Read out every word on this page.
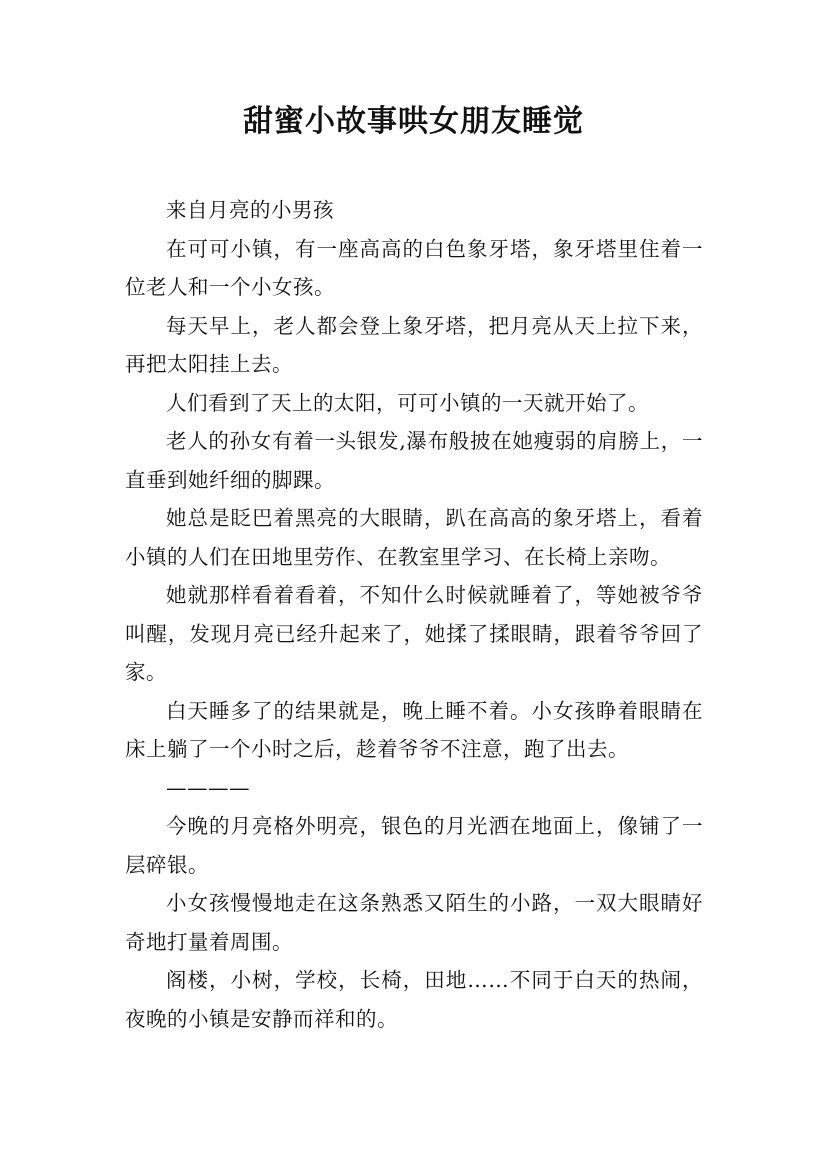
甜蜜小故事哄女朋友睡觉

来自月亮的小男孩

在可可小镇，有一座高高的白色象牙塔，象牙塔里住着一位老人和一个小女孩。

每天早上，老人都会登上象牙塔，把月亮从天上拉下来，再把太阳挂上去。

人们看到了天上的太阳，可可小镇的一天就开始了。

老人的孙女有着一头银发,瀑布般披在她瘦弱的肩膀上，一直垂到她纤细的脚踝。

她总是眨巴着黑亮的大眼睛，趴在高高的象牙塔上，看着小镇的人们在田地里劳作、在教室里学习、在长椅上亲吻。

她就那样看着看着，不知什么时候就睡着了，等她被爷爷叫醒，发现月亮已经升起来了，她揉了揉眼睛，跟着爷爷回了家。

白天睡多了的结果就是，晚上睡不着。小女孩睁着眼睛在床上躺了一个小时之后，趁着爷爷不注意，跑了出去。

————

今晚的月亮格外明亮，银色的月光洒在地面上，像铺了一层碎银。

小女孩慢慢地走在这条熟悉又陌生的小路，一双大眼睛好奇地打量着周围。

阁楼，小树，学校，长椅，田地……不同于白天的热闹，夜晚的小镇是安静而祥和的。
